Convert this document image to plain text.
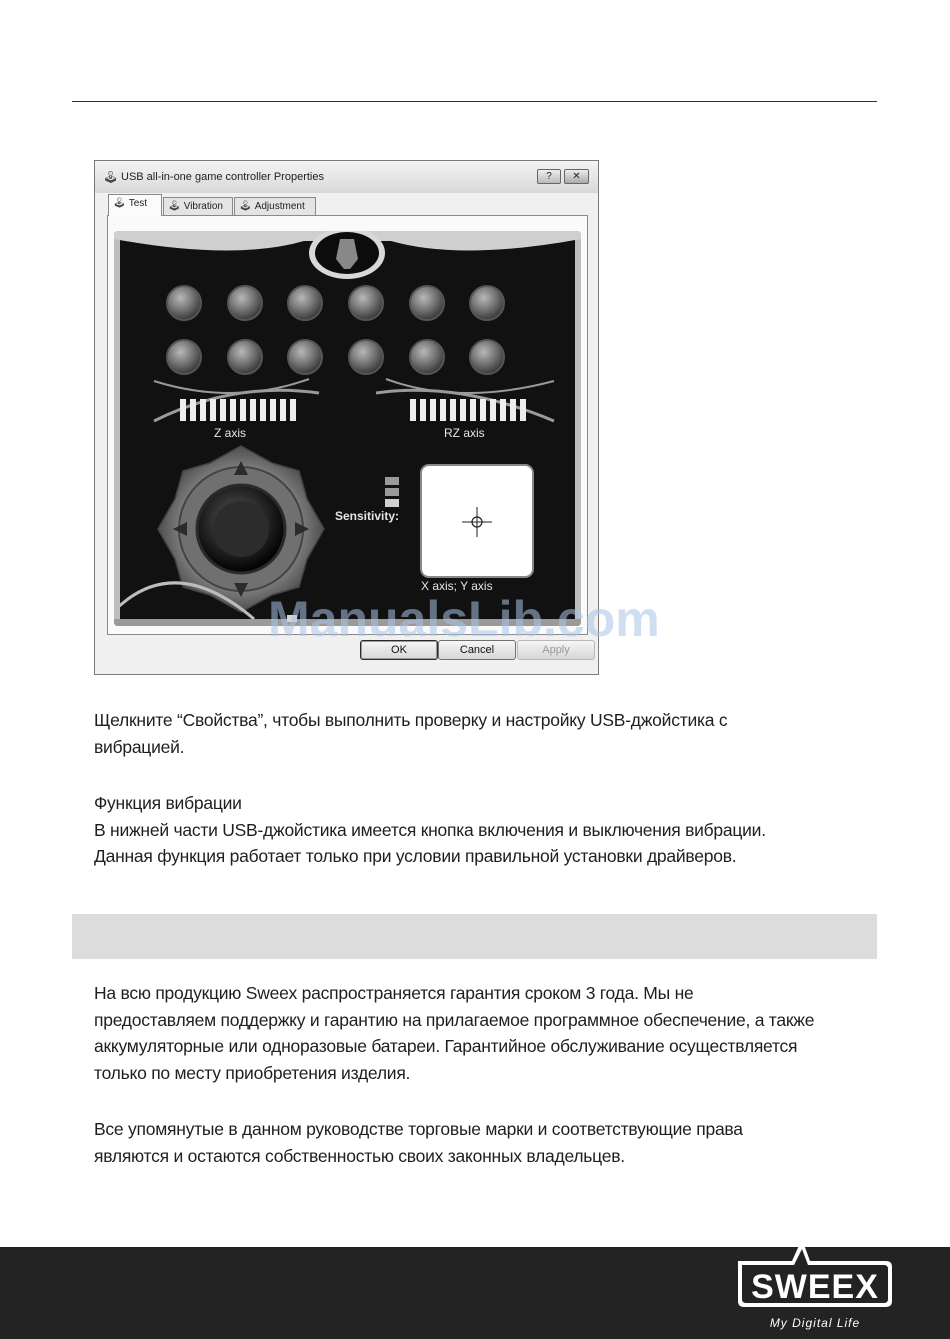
🕹 USB all-in-one game controller Properties	?	✕
🕹 Test	🕹 Vibration	🕹 Adjustment
Z axis	RZ axis
Sensitivity:
X axis; Y axis
OK	Cancel	Apply
ManualsLib.com
Щелкните “Свойства”, чтобы выполнить проверку и настройку USB-джойстика с
вибрацией.
Функция вибрации
В нижней части USB-джойстика имеется кнопка включения и выключения вибрации.
Данная функция работает только при условии правильной установки драйверов.
На всю продукцию Sweex распространяется гарантия сроком 3 года. Мы не
предоставляем поддержку и гарантию на прилагаемое программное обеспечение, а также
аккумуляторные или одноразовые батареи. Гарантийное обслуживание осуществляется
только по месту приобретения изделия.
Все упомянутые в данном руководстве торговые марки и соответствующие права
являются и остаются собственностью своих законных владельцев.
SWEEX
My Digital Life
